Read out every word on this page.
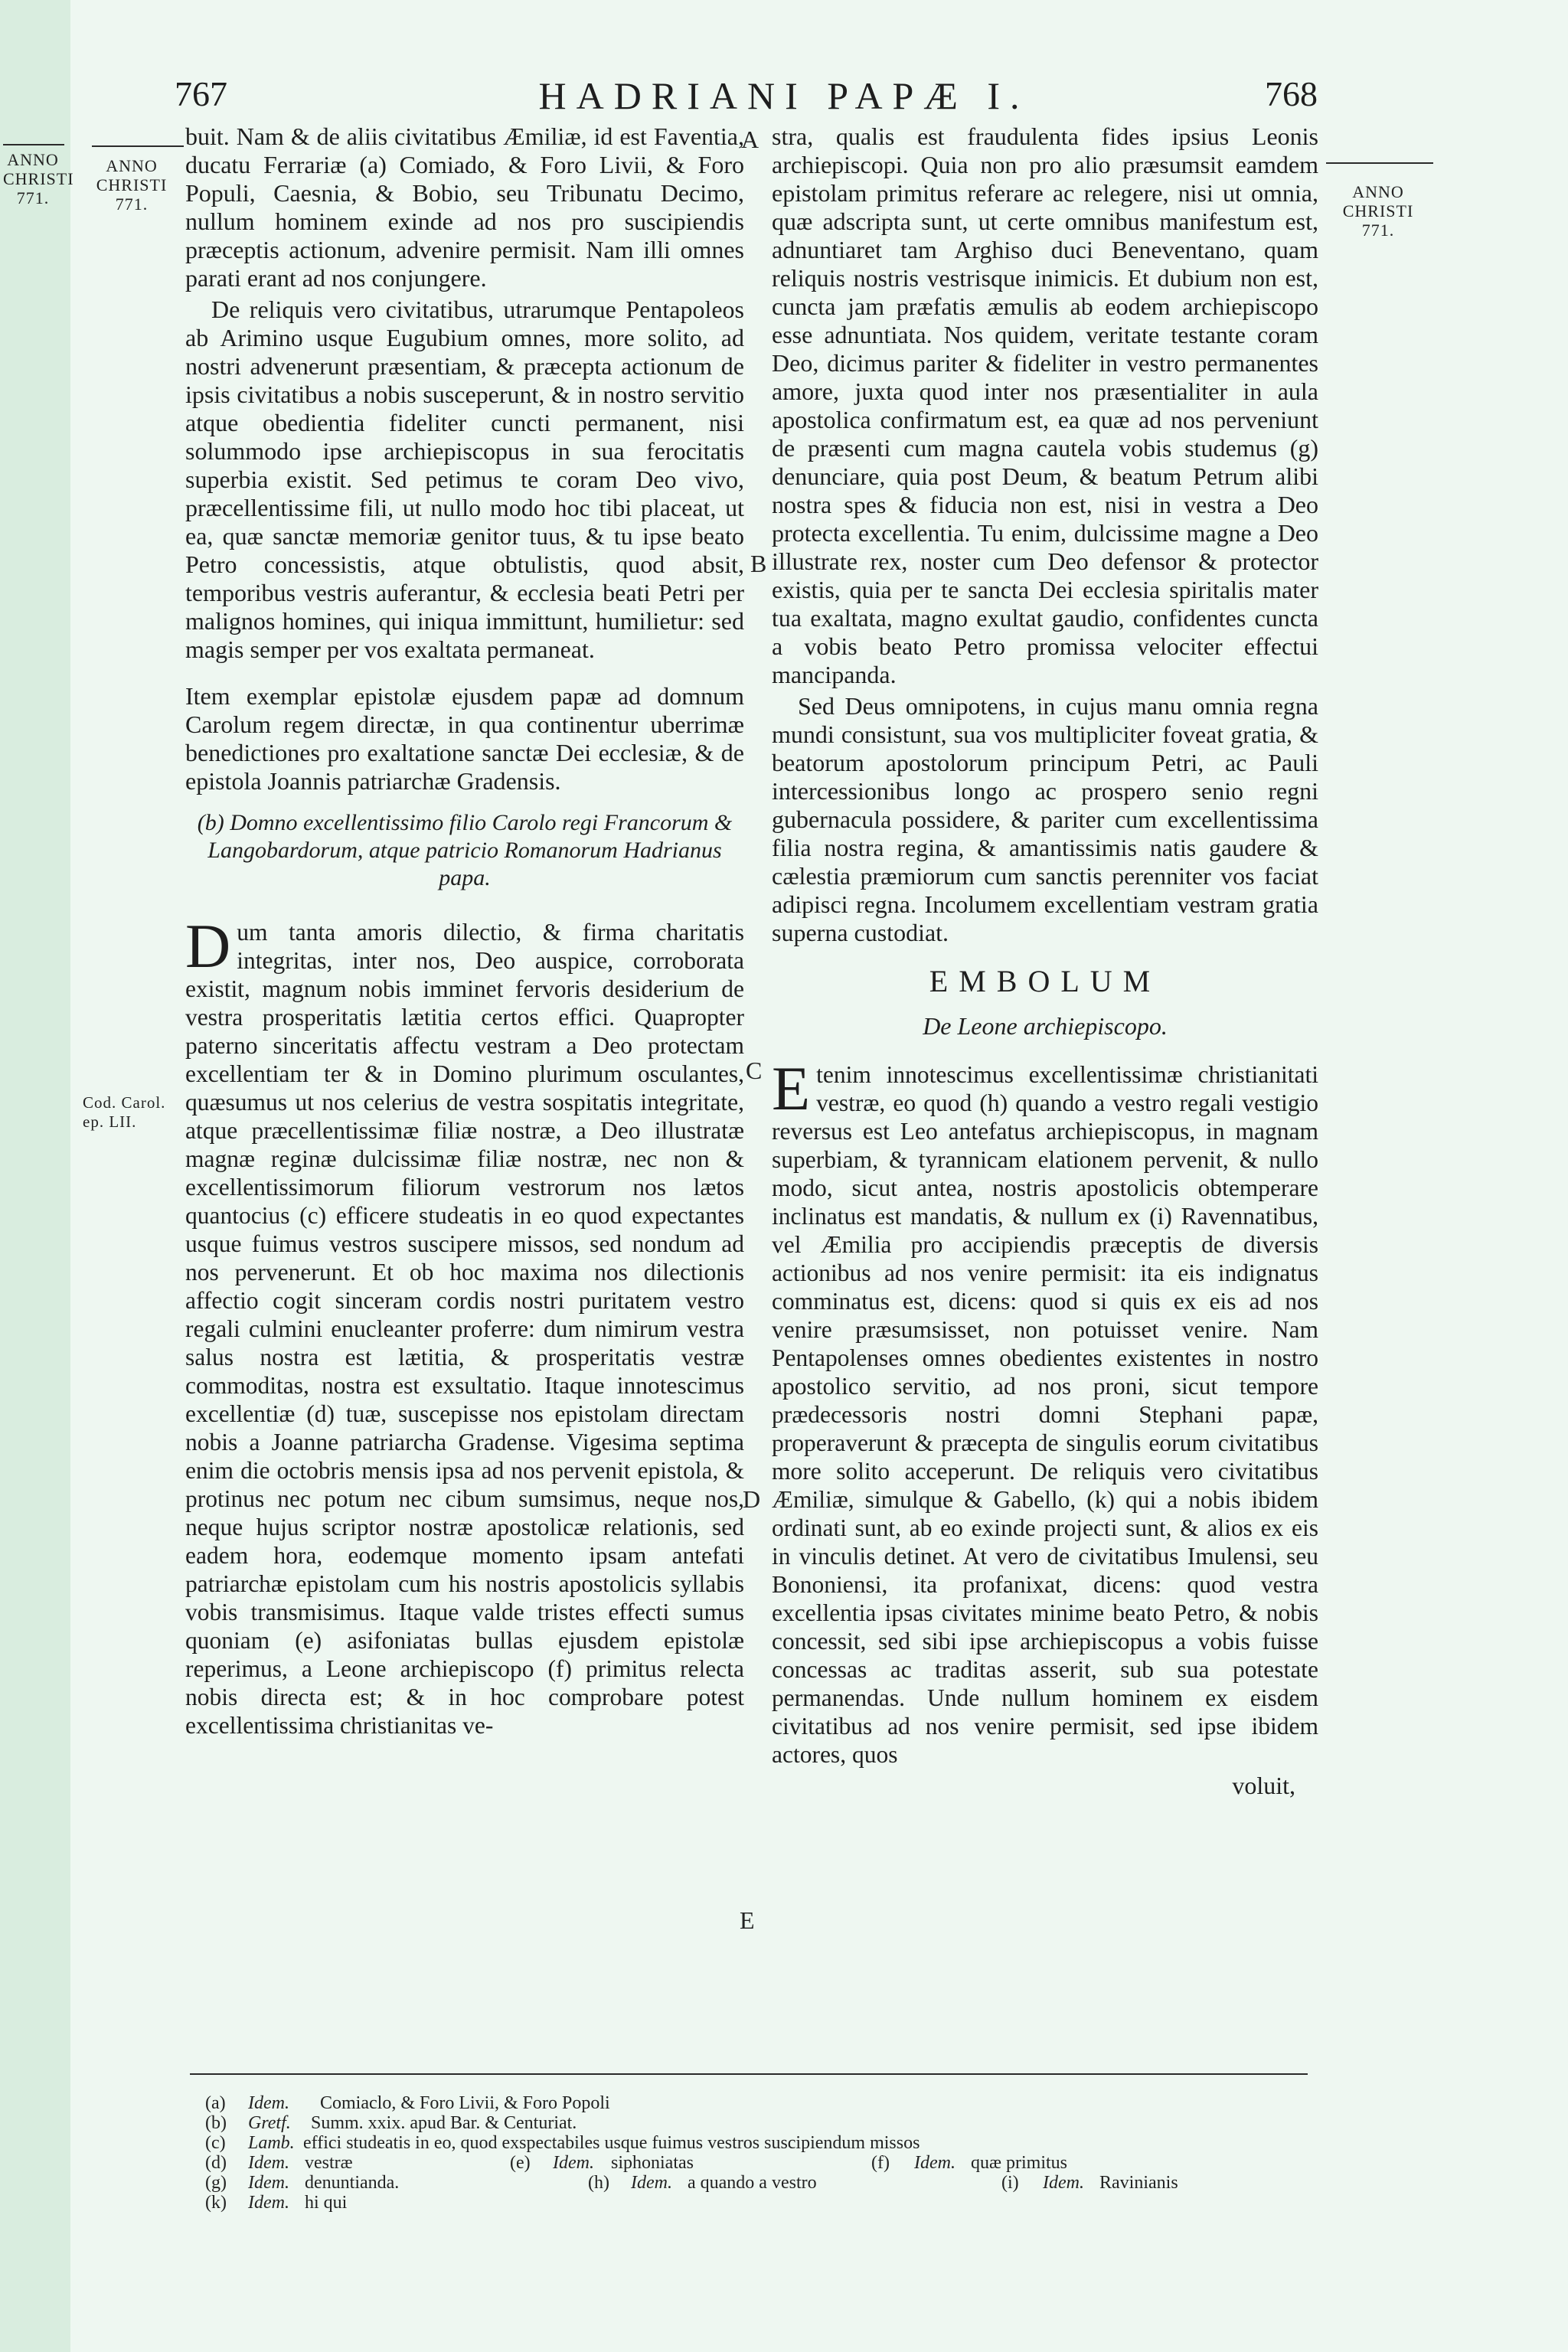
767	HADRIANI PAPÆ I.	768
ANNO CHRISTI 771.
ANNO CHRISTI 771.
ANNO CHRISTI 771.
Cod. Carol. ep. LII.
A
B
C
D
E

buit. Nam & de aliis civitatibus Æmiliæ, id est Faventia, ducatu Ferrariæ (a) Comiado, & Foro Livii, & Foro Populi, Caesnia, & Bobio, seu Tribunatu Decimo, nullum hominem exinde ad nos pro suscipiendis præceptis actionum, advenire permisit. Nam illi omnes parati erant ad nos conjungere.

De reliquis vero civitatibus, utrarumque Pentapoleos ab Arimino usque Eugubium omnes, more solito, ad nostri advenerunt præsentiam, & præcepta actionum de ipsis civitatibus a nobis susceperunt, & in nostro servitio atque obedientia fideliter cuncti permanent, nisi solummodo ipse archiepiscopus in sua ferocitatis superbia existit. Sed petimus te coram Deo vivo, præcellentissime fili, ut nullo modo hoc tibi placeat, ut ea, quæ sanctæ memoriæ genitor tuus, & tu ipse beato Petro concessistis, atque obtulistis, quod absit, temporibus vestris auferantur, & ecclesia beati Petri per malignos homines, qui iniqua immittunt, humilietur: sed magis semper per vos exaltata permaneat.

Item exemplar epistolæ ejusdem papæ ad domnum Carolum regem directæ, in qua continentur uberrimæ benedictiones pro exaltatione sanctæ Dei ecclesiæ, & de epistola Joannis patriarchæ Gradensis.

(b) Domno excellentissimo filio Carolo regi Francorum & Langobardorum, atque patricio Romanorum Hadrianus papa.

Dum tanta amoris dilectio, & firma charitatis integritas, inter nos, Deo auspice, corroborata existit, magnum nobis imminet fervoris desiderium de vestra prosperitatis lætitia certos effici. Quapropter paterno sinceritatis affectu vestram a Deo protectam excellentiam ter & in Domino plurimum osculantes, quæsumus ut nos celerius de vestra sospitatis integritate, atque præcellentissimæ filiæ nostræ, a Deo illustratæ magnæ reginæ dulcissimæ filiæ nostræ, nec non & excellentissimorum filiorum vestrorum nos lætos quantocius (c) efficere studeatis in eo quod expectantes usque fuimus vestros suscipere missos, sed nondum ad nos pervenerunt. Et ob hoc maxima nos dilectionis affectio cogit sinceram cordis nostri puritatem vestro regali culmini enucleanter proferre: dum nimirum vestra salus nostra est lætitia, & prosperitatis vestræ commoditas, nostra est exsultatio. Itaque innotescimus excellentiæ (d) tuæ, suscepisse nos epistolam directam nobis a Joanne patriarcha Gradense. Vigesima septima enim die octobris mensis ipsa ad nos pervenit epistola, & protinus nec potum nec cibum sumsimus, neque nos, neque hujus scriptor nostræ apostolicæ relationis, sed eadem hora, eodemque momento ipsam antefati patriarchæ epistolam cum his nostris apostolicis syllabis vobis transmisimus. Itaque valde tristes effecti sumus quoniam (e) asifoniatas bullas ejusdem epistolæ reperimus, a Leone archiepiscopo (f) primitus relecta nobis directa est; & in hoc comprobare potest excellentissima christianitas ve-

stra, qualis est fraudulenta fides ipsius Leonis archiepiscopi. Quia non pro alio præsumsit eamdem epistolam primitus referare ac relegere, nisi ut omnia, quæ adscripta sunt, ut certe omnibus manifestum est, adnuntiaret tam Arghiso duci Beneventano, quam reliquis nostris vestrisque inimicis. Et dubium non est, cuncta jam præfatis æmulis ab eodem archiepiscopo esse adnuntiata. Nos quidem, veritate testante coram Deo, dicimus pariter & fideliter in vestro permanentes amore, juxta quod inter nos præsentialiter in aula apostolica confirmatum est, ea quæ ad nos perveniunt de præsenti cum magna cautela vobis studemus (g) denunciare, quia post Deum, & beatum Petrum alibi nostra spes & fiducia non est, nisi in vestra a Deo protecta excellentia. Tu enim, dulcissime magne a Deo illustrate rex, noster cum Deo defensor & protector existis, quia per te sancta Dei ecclesia spiritalis mater tua exaltata, magno exultat gaudio, confidentes cuncta a vobis beato Petro promissa velociter effectui mancipanda.

Sed Deus omnipotens, in cujus manu omnia regna mundi consistunt, sua vos multipliciter foveat gratia, & beatorum apostolorum principum Petri, ac Pauli intercessionibus longo ac prospero senio regni gubernacula possidere, & pariter cum excellentissima filia nostra regina, & amantissimis natis gaudere & cælestia præmiorum cum sanctis perenniter vos faciat adipisci regna. Incolumem excellentiam vestram gratia superna custodiat.

EMBOLUM

De Leone archiepiscopo.

Etenim innotescimus excellentissimæ christianitati vestræ, eo quod (h) quando a vestro regali vestigio reversus est Leo antefatus archiepiscopus, in magnam superbiam, & tyrannicam elationem pervenit, & nullo modo, sicut antea, nostris apostolicis obtemperare inclinatus est mandatis, & nullum ex (i) Ravennatibus, vel Æmilia pro accipiendis præceptis de diversis actionibus ad nos venire permisit: ita eis indignatus comminatus est, dicens: quod si quis ex eis ad nos venire præsumsisset, non potuisset venire. Nam Pentapolenses omnes obedientes existentes in nostro apostolico servitio, ad nos proni, sicut tempore prædecessoris nostri domni Stephani papæ, properaverunt & præcepta de singulis eorum civitatibus more solito acceperunt. De reliquis vero civitatibus Æmiliæ, simulque & Gabello, (k) qui a nobis ibidem ordinati sunt, ab eo exinde projecti sunt, & alios ex eis in vinculis detinet. At vero de civitatibus Imulensi, seu Bononiensi, ita profanixat, dicens: quod vestra excellentia ipsas civitates minime beato Petro, & nobis concessit, sed sibi ipse archiepiscopus a vobis fuisse concessas ac traditas asserit, sub sua potestate permanendas. Unde nullum hominem ex eisdem civitatibus ad nos venire permisit, sed ipse ibidem actores, quos

voluit,

(a) Idem. Comiaclo, & Foro Livii, & Foro Popoli
(b) Gretf. Summ. xxix. apud Bar. & Centuriat.
(c) Lamb. effici studeatis in eo, quod exspectabiles usque fuimus vestros suscipiendum missos
(d) Idem. vestræ	(e) Idem. siphoniatas	(f) Idem. quæ primitus
(g) Idem. denuntianda.	(h) Idem. a quando a vestro	(i) Idem. Ravinianis
(k) Idem. hi qui
